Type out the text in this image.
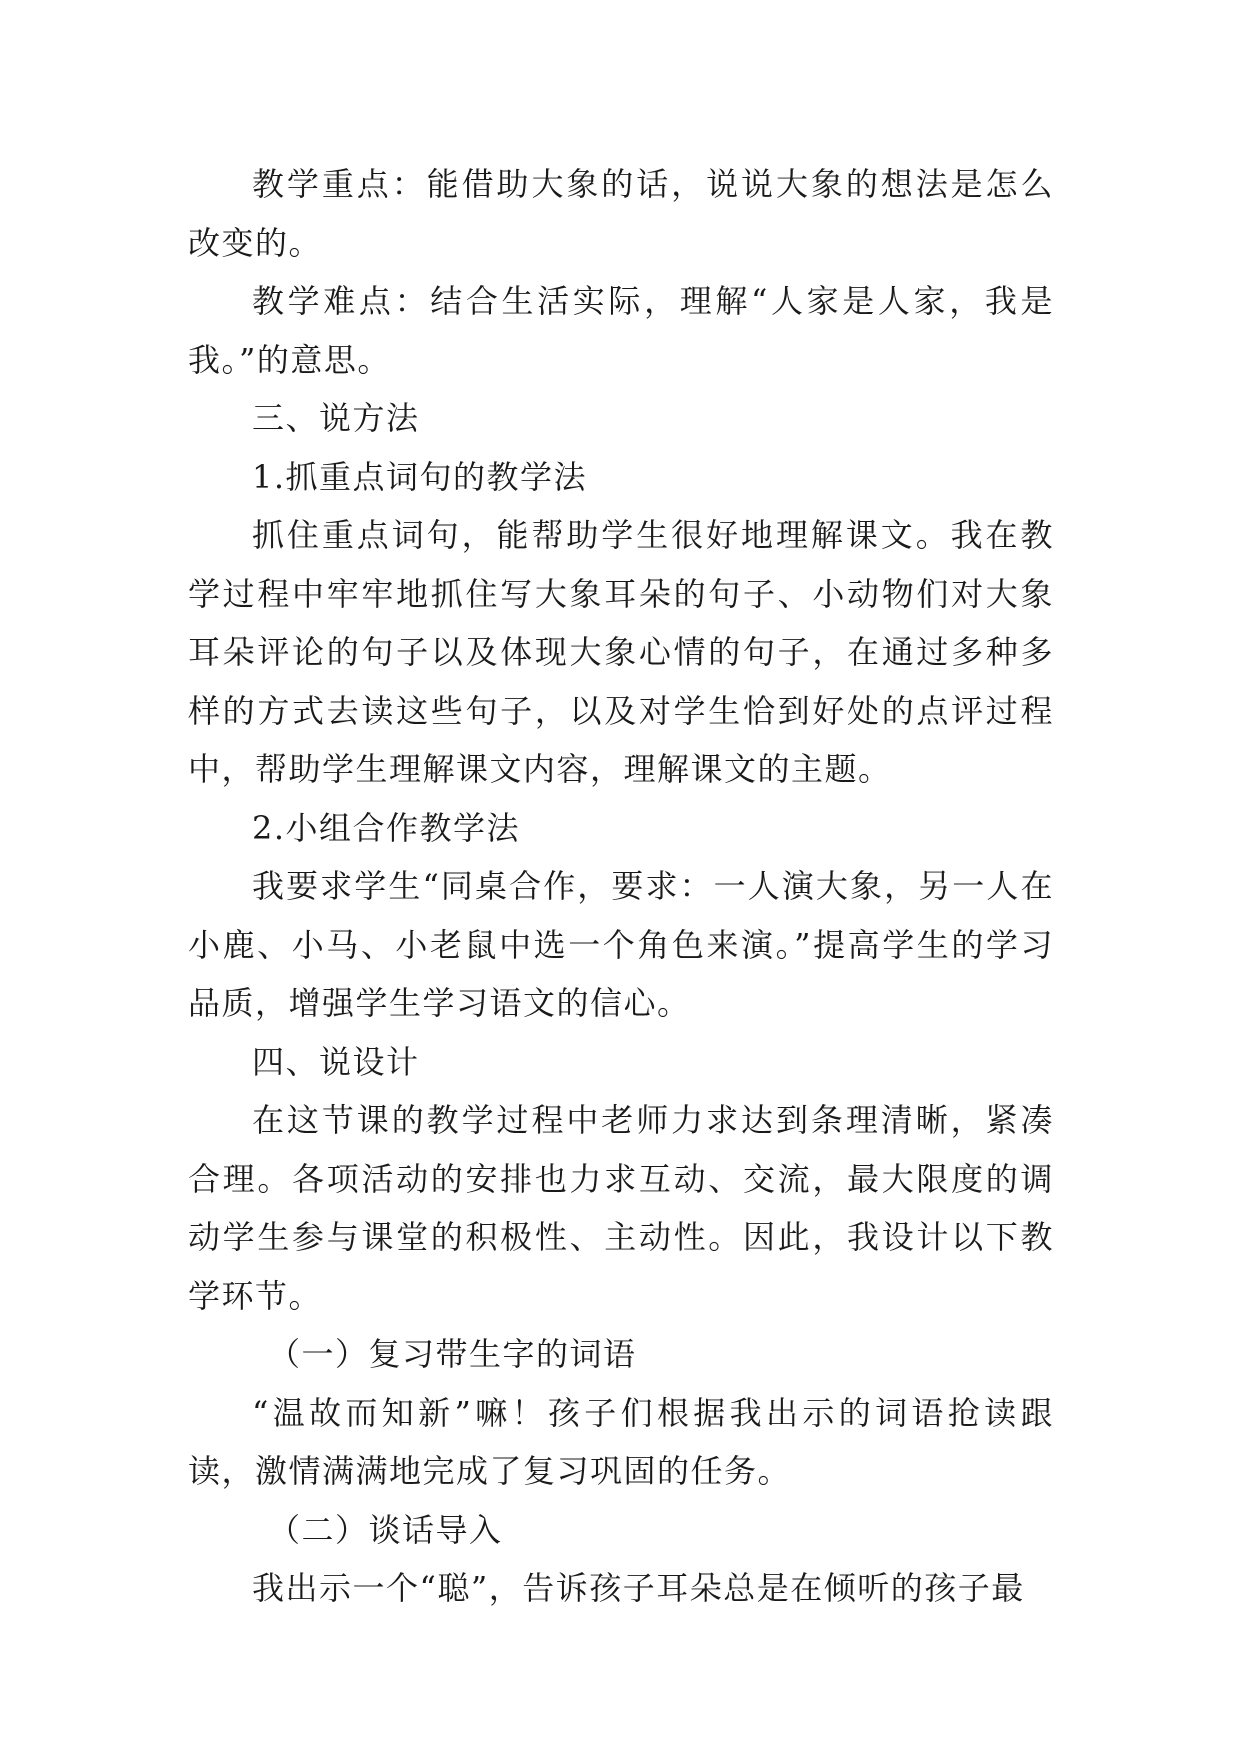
教学重点：能借助大象的话，说说大象的想法是怎么改变的。

教学难点：结合生活实际，理解“人家是人家，我是我。”的意思。

三、说方法

1.抓重点词句的教学法

抓住重点词句，能帮助学生很好地理解课文。我在教学过程中牢牢地抓住写大象耳朵的句子、小动物们对大象耳朵评论的句子以及体现大象心情的句子，在通过多种多样的方式去读这些句子，以及对学生恰到好处的点评过程中，帮助学生理解课文内容，理解课文的主题。

2.小组合作教学法

我要求学生“同桌合作，要求：一人演大象，另一人在小鹿、小马、小老鼠中选一个角色来演。”提高学生的学习品质，增强学生学习语文的信心。

四、说设计

在这节课的教学过程中老师力求达到条理清晰，紧凑合理。各项活动的安排也力求互动、交流，最大限度的调动学生参与课堂的积极性、主动性。因此，我设计以下教学环节。

（一）复习带生字的词语

“温故而知新”嘛！孩子们根据我出示的词语抢读跟读，激情满满地完成了复习巩固的任务。

（二）谈话导入

我出示一个“聪”，告诉孩子耳朵总是在倾听的孩子最
